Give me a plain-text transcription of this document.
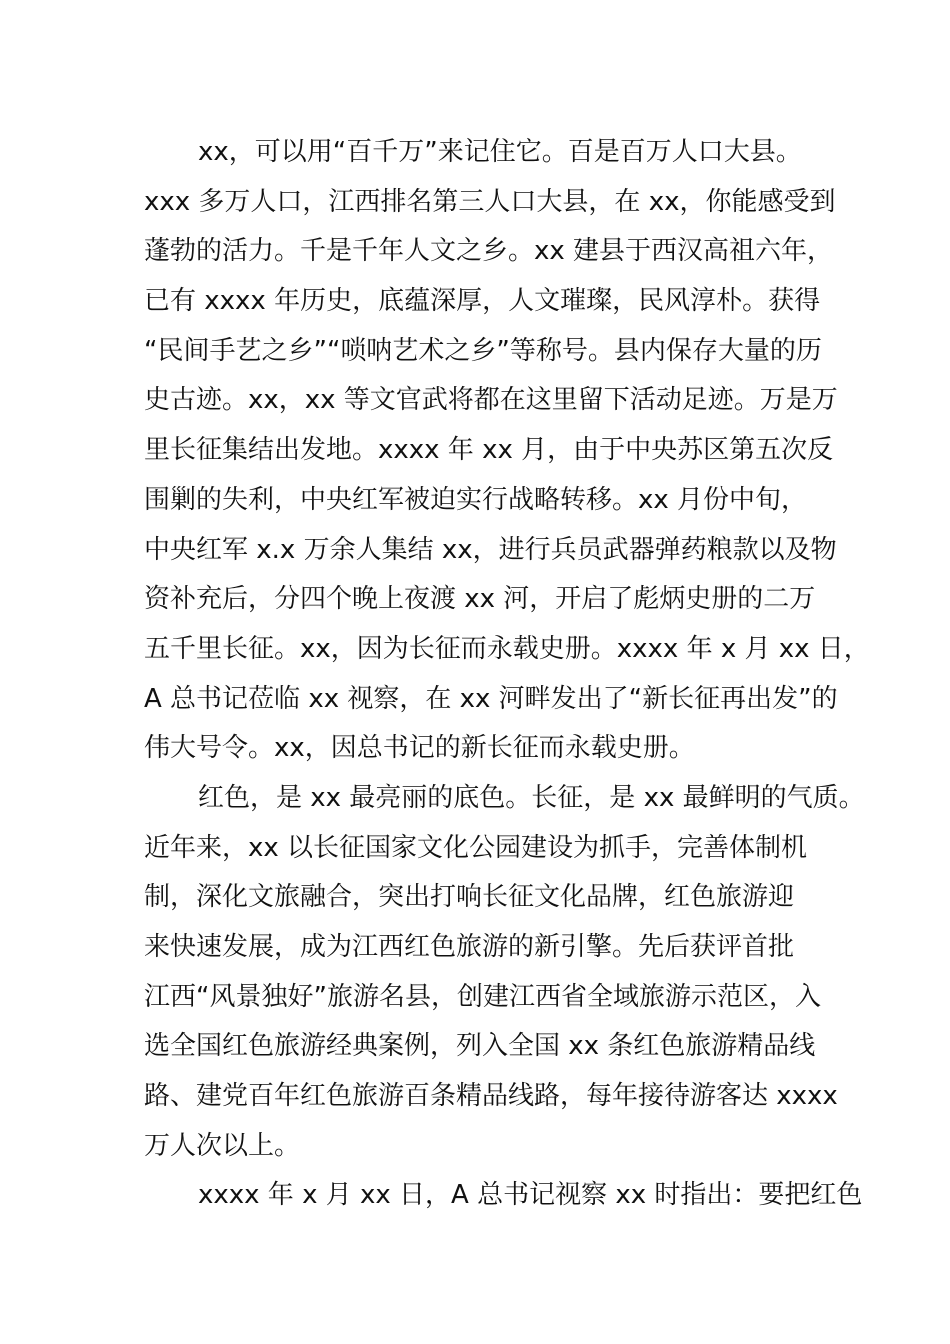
xx，可以用“百千万”来记住它。百是百万人口大县。
xxx 多万人口，江西排名第三人口大县，在 xx，你能感受到
蓬勃的活力。千是千年人文之乡。xx 建县于西汉高祖六年，
已有 xxxx 年历史，底蕴深厚，人文璀璨，民风淳朴。获得
“民间手艺之乡”“唢呐艺术之乡”等称号。县内保存大量的历
史古迹。xx，xx 等文官武将都在这里留下活动足迹。万是万
里长征集结出发地。xxxx 年 xx 月，由于中央苏区第五次反
围剿的失利，中央红军被迫实行战略转移。xx 月份中旬，
中央红军 x.x 万余人集结 xx，进行兵员武器弹药粮款以及物
资补充后，分四个晚上夜渡 xx 河，开启了彪炳史册的二万
五千里长征。xx，因为长征而永载史册。xxxx 年 x 月 xx 日，
A 总书记莅临 xx 视察，在 xx 河畔发出了“新长征再出发”的
伟大号令。xx，因总书记的新长征而永载史册。
红色，是 xx 最亮丽的底色。长征，是 xx 最鲜明的气质。
近年来，xx 以长征国家文化公园建设为抓手，完善体制机
制，深化文旅融合，突出打响长征文化品牌，红色旅游迎
来快速发展，成为江西红色旅游的新引擎。先后获评首批
江西“风景独好”旅游名县，创建江西省全域旅游示范区，入
选全国红色旅游经典案例，列入全国 xx 条红色旅游精品线
路、建党百年红色旅游百条精品线路，每年接待游客达 xxxx
万人次以上。
xxxx 年 x 月 xx 日，A 总书记视察 xx 时指出：要把红色
